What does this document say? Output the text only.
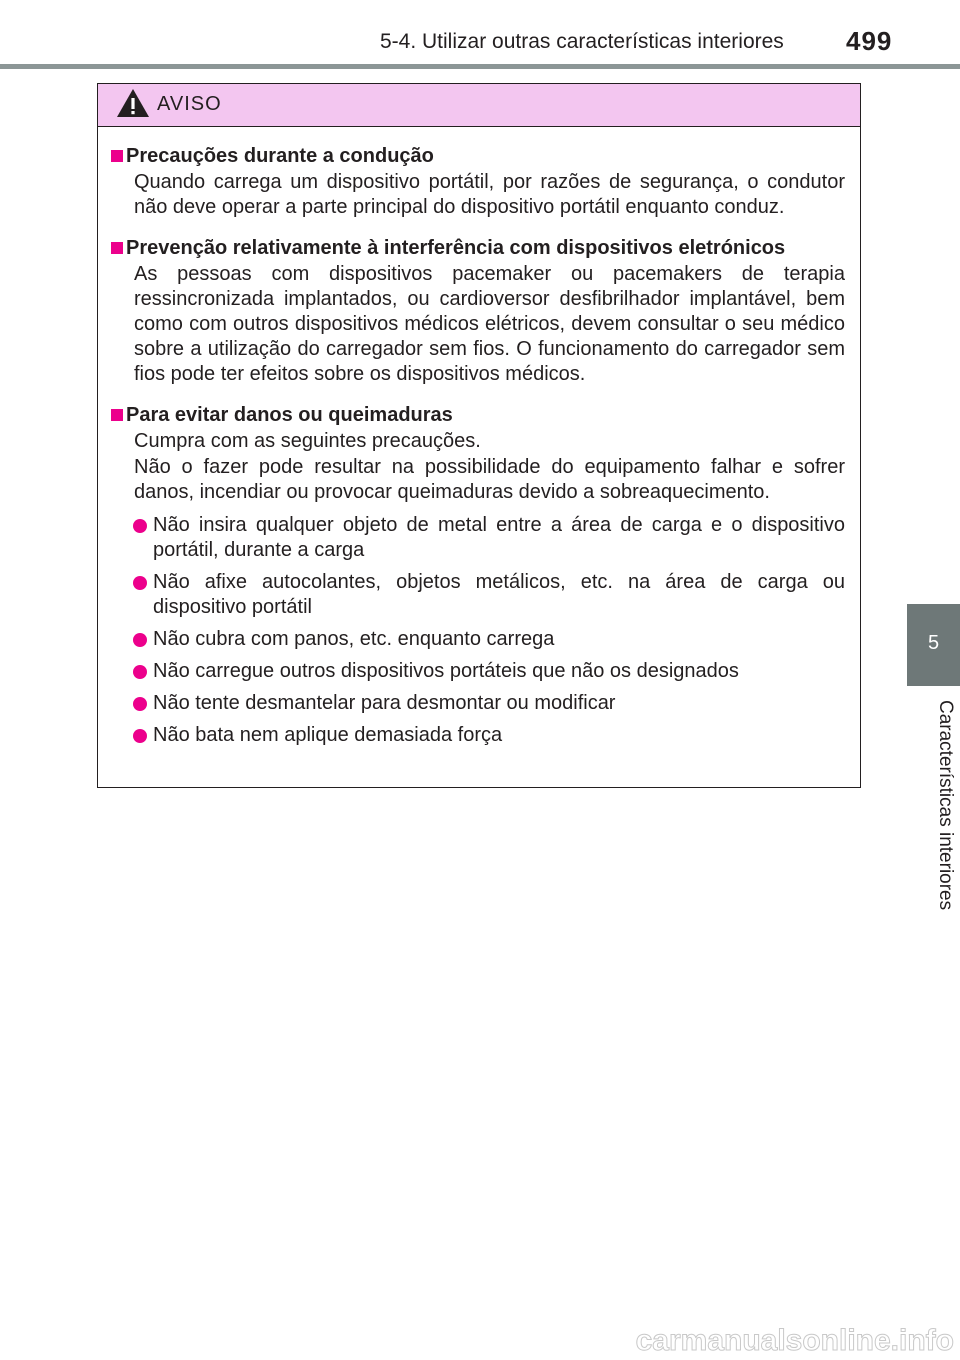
5-4. Utilizar outras características interiores 499
5
Características interiores
AVISO
Precauções durante a condução
Quando carrega um dispositivo portátil, por razões de segurança, o condutor não deve operar a parte principal do dispositivo portátil enquanto conduz.
Prevenção relativamente à interferência com dispositivos eletrónicos
As pessoas com dispositivos pacemaker ou pacemakers de terapia ressincronizada implantados, ou cardioversor desfibrilhador implantável, bem como com outros dispositivos médicos elétricos, devem consultar o seu médico sobre a utilização do carregador sem fios. O funcionamento do carregador sem fios pode ter efeitos sobre os dispositivos médicos.
Para evitar danos ou queimaduras
Cumpra com as seguintes precauções.
Não o fazer pode resultar na possibilidade do equipamento falhar e sofrer danos, incendiar ou provocar queimaduras devido a sobreaquecimento.
Não insira qualquer objeto de metal entre a área de carga e o dispositivo portátil, durante a carga
Não afixe autocolantes, objetos metálicos, etc. na área de carga ou dispositivo portátil
Não cubra com panos, etc. enquanto carrega
Não carregue outros dispositivos portáteis que não os designados
Não tente desmantelar para desmontar ou modificar
Não bata nem aplique demasiada força
carmanualsonline.info
